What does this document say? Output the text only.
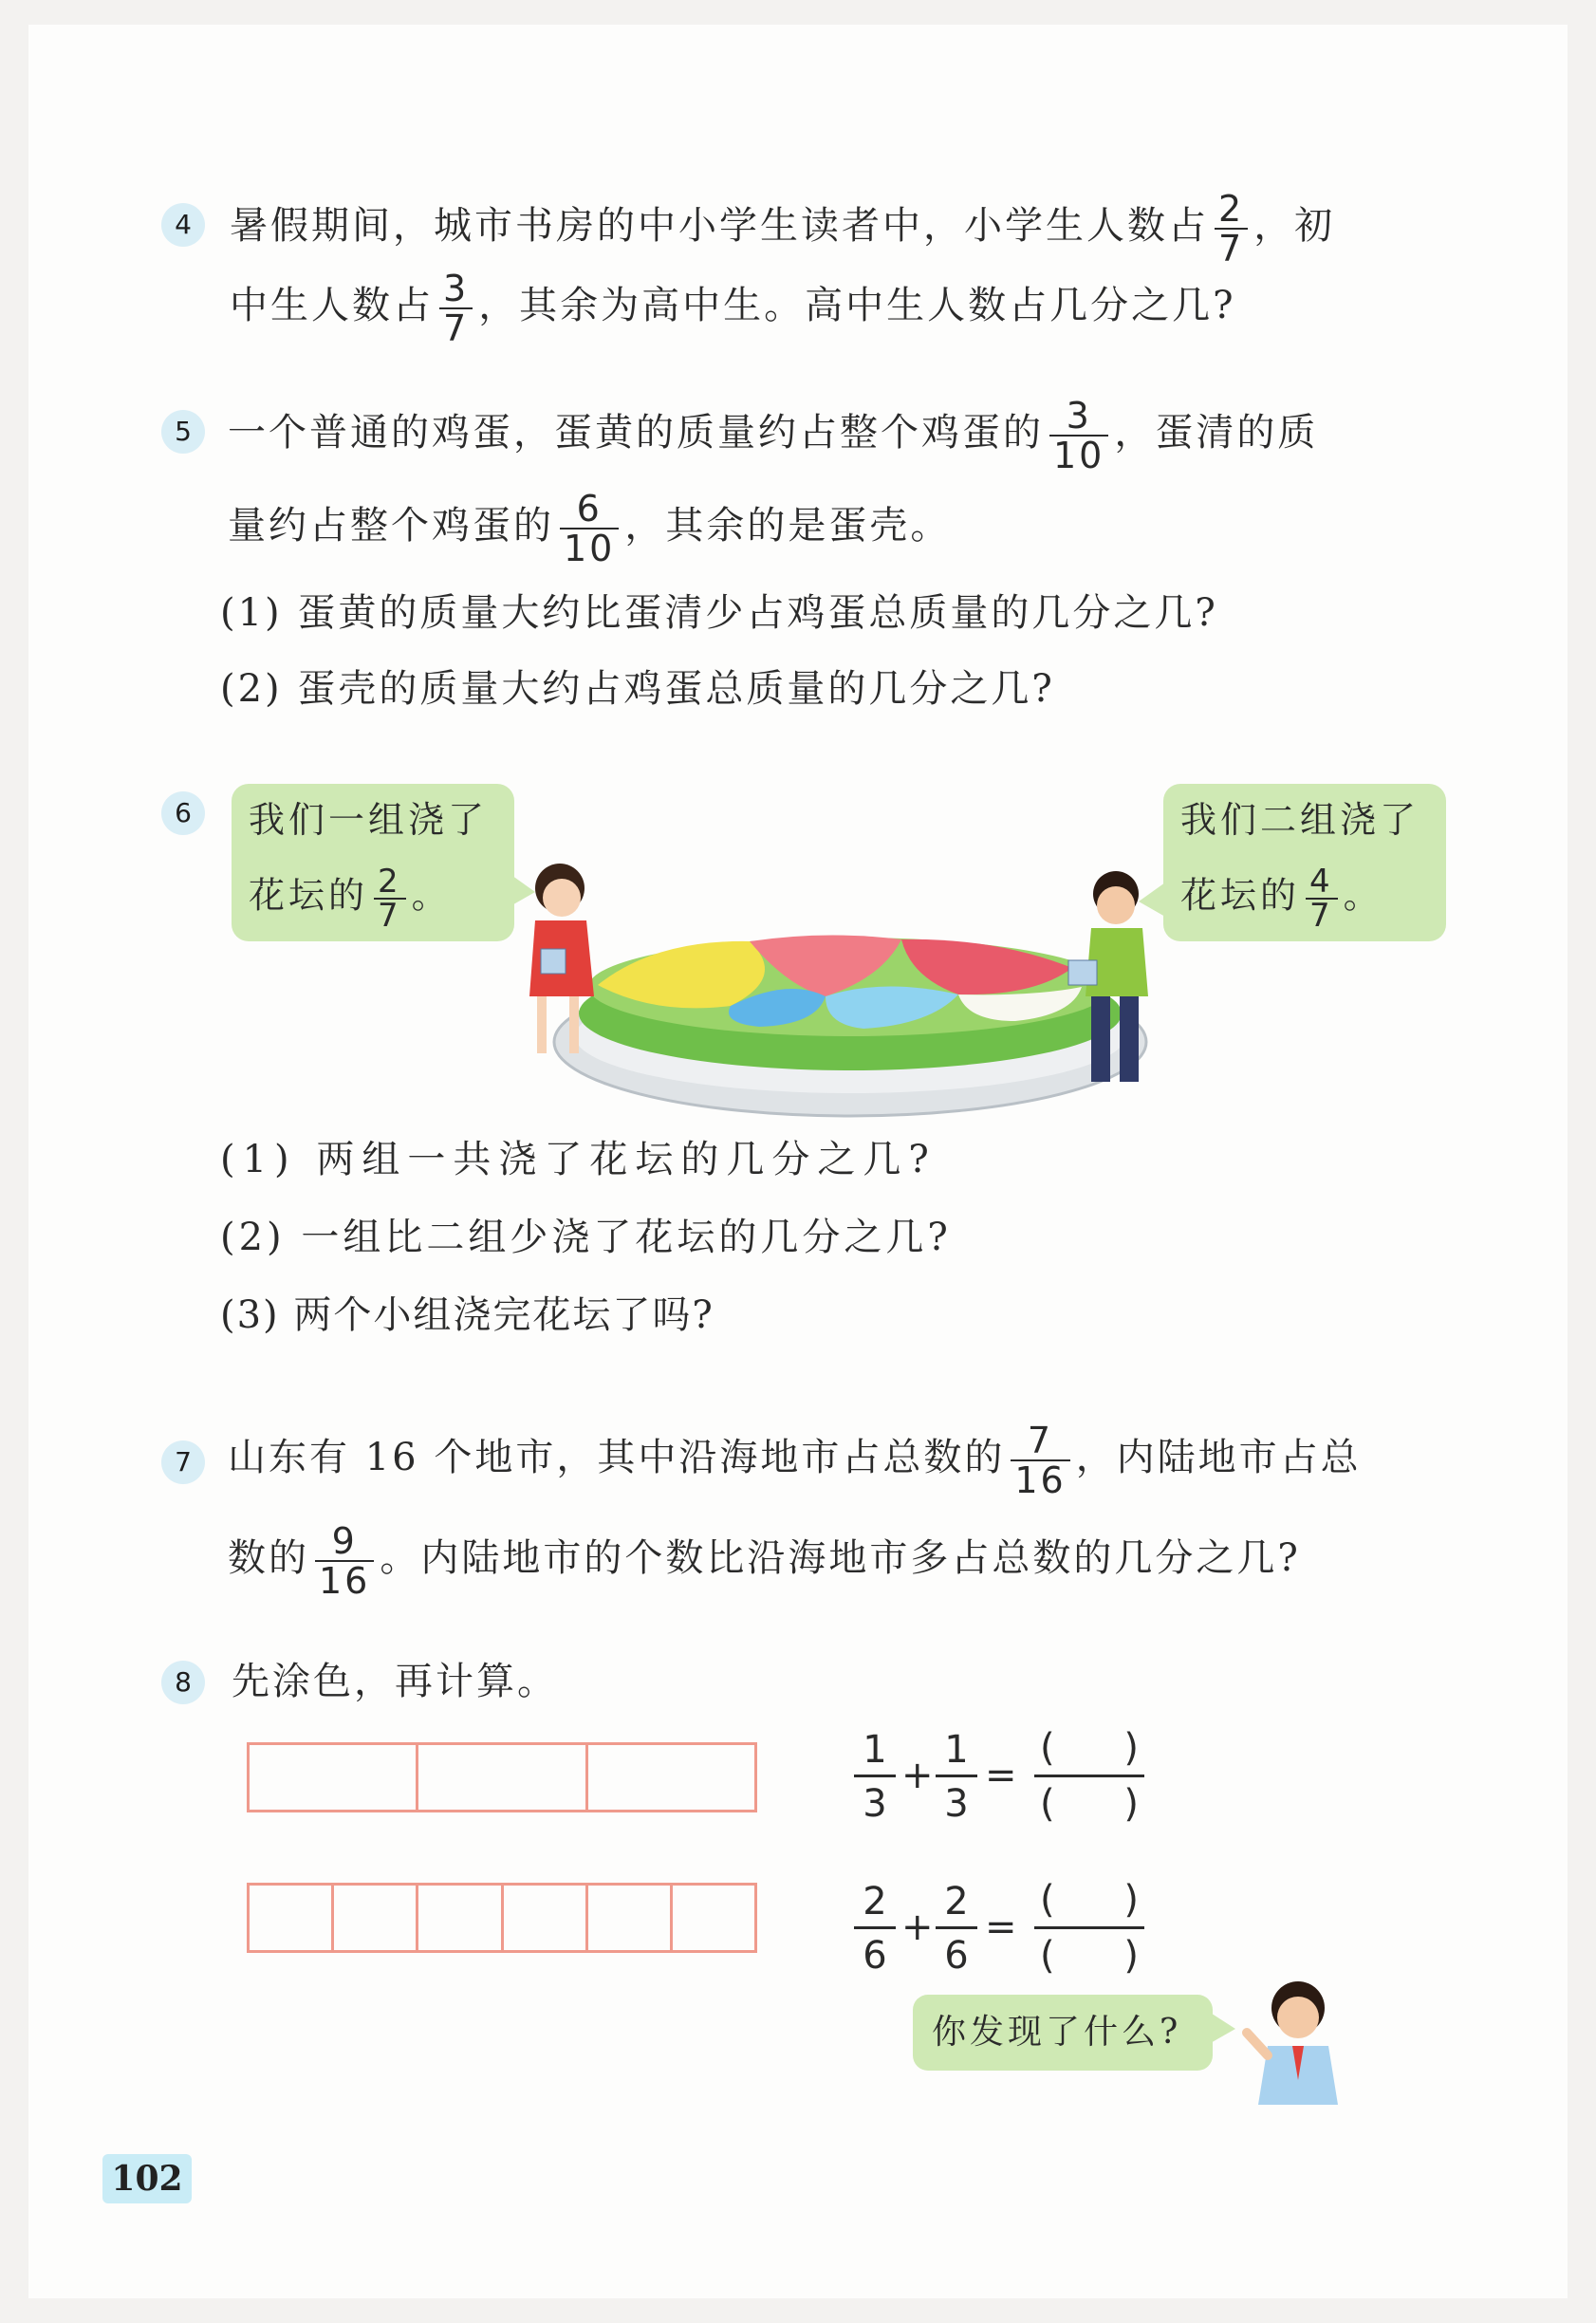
4	暑假期间，城市书房的中小学生读者中，小学生人数占 $\frac{2}{7}$ ，初
中生人数占 $\frac{3}{7}$ ，其余为高中生。高中生人数占几分之几?
5 一个普通的鸡蛋，蛋黄的质量约占整个鸡蛋的 $\frac{3}{10}$ ，蛋清的质
量约占整个鸡蛋的 $\frac{6}{10}$ ，其余的是蛋壳。
(1) 蛋黄的质量大约比蛋清少占鸡蛋总质量的几分之几?
(2) 蛋壳的质量大约占鸡蛋总质量的几分之几?
6	我们一组浇了
花坛的 $\frac{2}{7}$ 。
我们二组浇了
花坛的 $\frac{4}{7}$ 。
(1) 两组一共浇了花坛的几分之几?
(2) 一组比二组少浇了花坛的几分之几?
(3) 两个小组浇完花坛了吗?
7 山东有 16 个地市，其中沿海地市占总数的 $\frac{7}{16}$ ，内陆地市占总
数的 $\frac{9}{16}$ 。内陆地市的个数比沿海地市多占总数的几分之几?
8	先涂色，再计算。
1
3
+
1
3
=
( )
( )
2
6
+
2
6
=
( )
( )
你发现了什么?
102
